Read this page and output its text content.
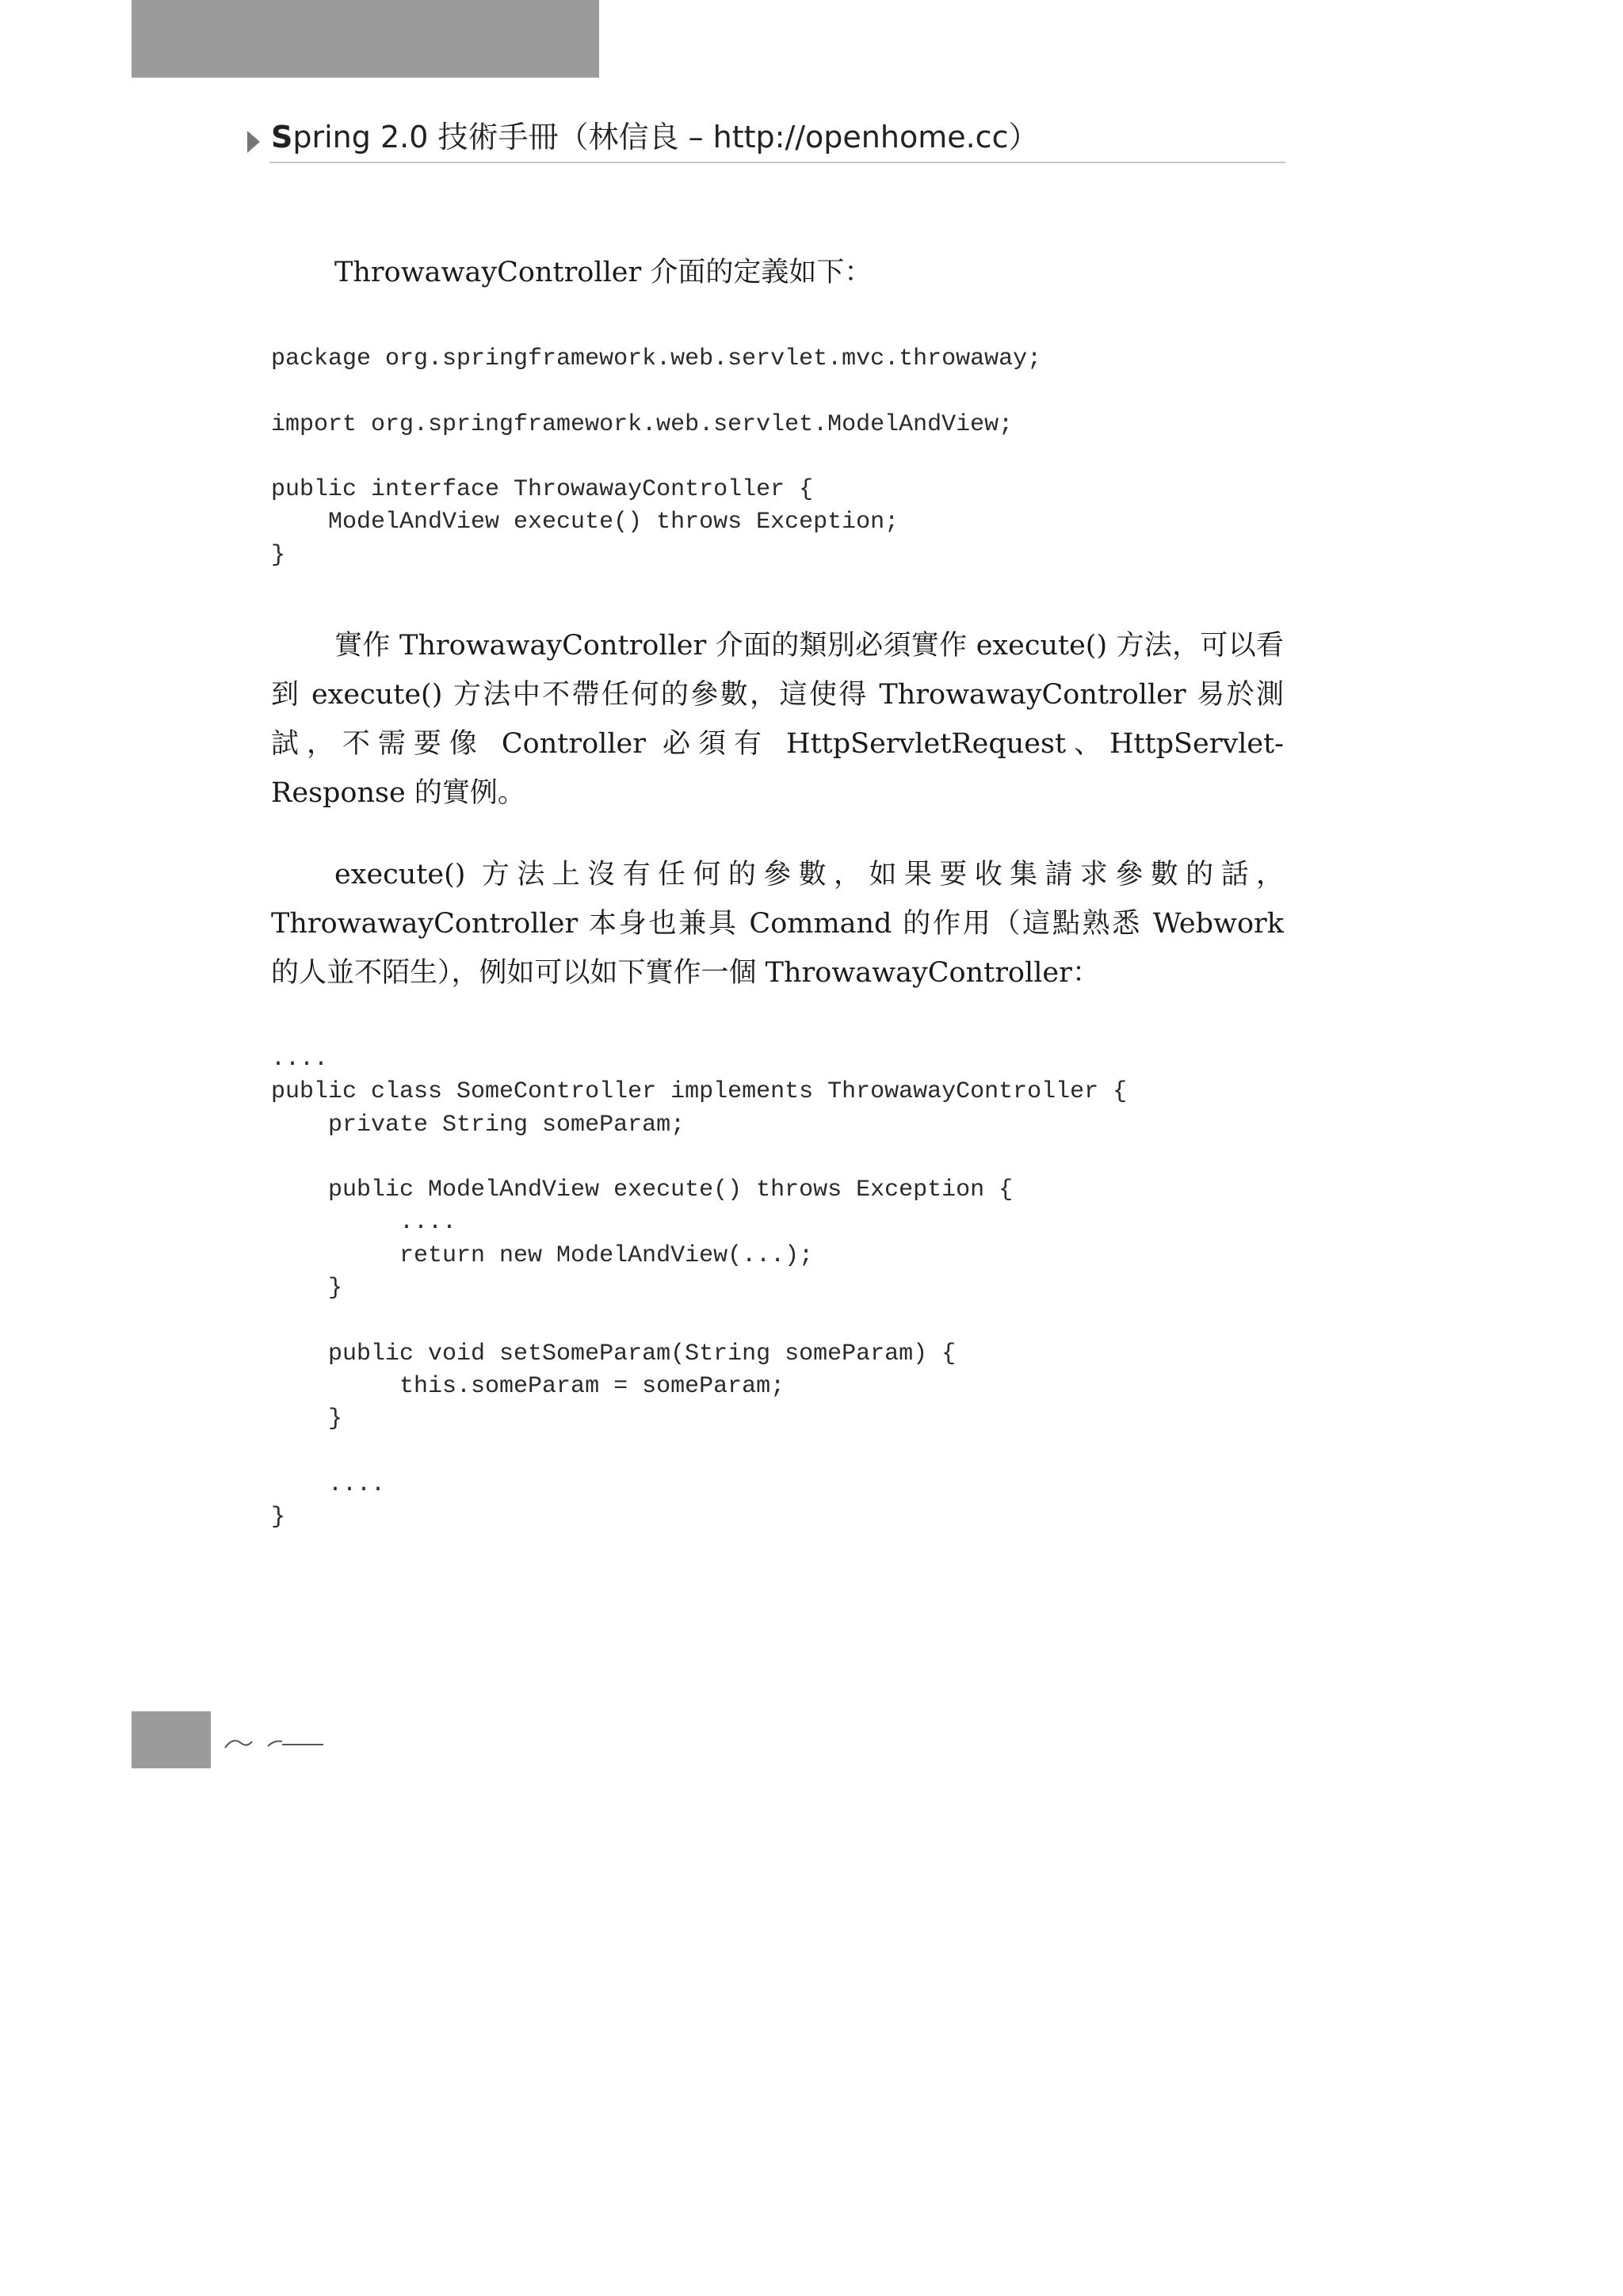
Spring 2.0 技術手冊（林信良 – http://openhome.cc）

ThrowawayController 介面的定義如下：

package org.springframework.web.servlet.mvc.throwaway;

import org.springframework.web.servlet.ModelAndView;

public interface ThrowawayController {
ModelAndView execute() throws Exception;
}

實作 ThrowawayController 介面的類別必須實作 execute() 方法，可以看到 execute() 方法中不帶任何的參數，這使得 ThrowawayController 易於測試，不需要像 Controller 必須有 HttpServletRequest、HttpServlet-Response 的實例。

execute() 方法上沒有任何的參數，如果要收集請求參數的話，ThrowawayController 本身也兼具 Command 的作用（這點熟悉 Webwork 的人並不陌生），例如可以如下實作一個 ThrowawayController：

....
public class SomeController implements ThrowawayController {
private String someParam;

public ModelAndView execute() throws Exception {
....
return new ModelAndView(...);
}

public void setSomeParam(String someParam) {
this.someParam = someParam;
}

....
}
